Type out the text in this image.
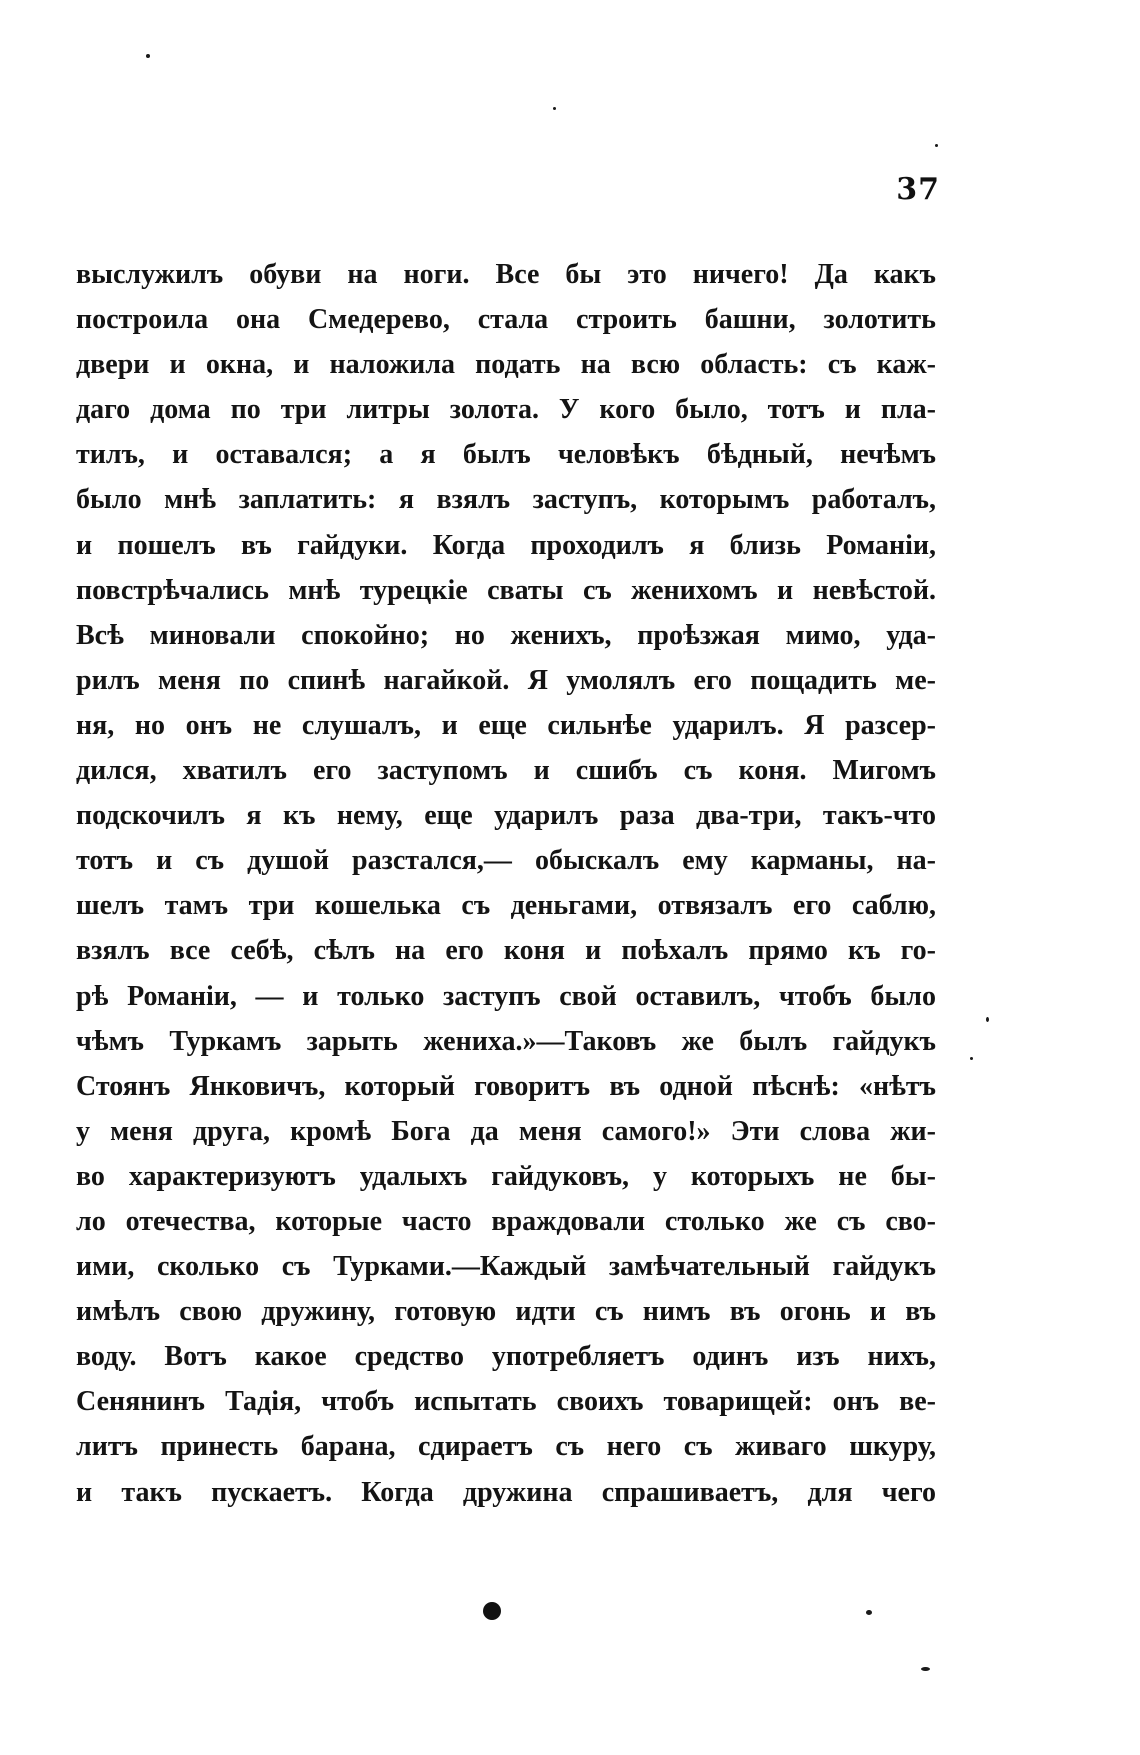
37
выслужилъ обуви на ноги. Все бы это ничего! Да какъ
построила она Смедерево, стала строить башни, золотить
двери и окна, и наложила подать на всю область: съ каж-
даго дома по три литры золота. У кого было, тотъ и пла-
тилъ, и оставался; а я былъ человѣкъ бѣдный, нечѣмъ
было мнѣ заплатить: я взялъ заступъ, которымъ работалъ,
и пошелъ въ гайдуки. Когда проходилъ я близь Романіи,
повстрѣчались мнѣ турецкіе сваты съ женихомъ и невѣстой.
Всѣ миновали спокойно; но женихъ, проѣзжая мимо, уда-
рилъ меня по спинѣ нагайкой. Я умолялъ его пощадить ме-
ня, но онъ не слушалъ, и еще сильнѣе ударилъ. Я разсер-
дился, хватилъ его заступомъ и сшибъ съ коня. Мигомъ
подскочилъ я къ нему, еще ударилъ раза два-три, такъ-что
тотъ и съ душой разстался,— обыскалъ ему карманы, на-
шелъ тамъ три кошелька съ деньгами, отвязалъ его саблю,
взялъ все себѣ, сѣлъ на его коня и поѣхалъ прямо къ го-
рѣ Романіи, — и только заступъ свой оставилъ, чтобъ было
чѣмъ Туркамъ зарыть жениха.»—Таковъ же былъ гайдукъ
Стоянъ Янковичъ, который говоритъ въ одной пѣснѣ: «нѣтъ
у меня друга, кромѣ Бога да меня самого!» Эти слова жи-
во характеризуютъ удалыхъ гайдуковъ, у которыхъ не бы-
ло отечества, которые часто враждовали столько же съ сво-
ими, сколько съ Турками.—Каждый замѣчательный гайдукъ
имѣлъ свою дружину, готовую идти съ нимъ въ огонь и въ
воду. Вотъ какое средство употребляетъ одинъ изъ нихъ,
Сенянинъ Тадія, чтобъ испытать своихъ товарищей: онъ ве-
литъ принесть барана, сдираетъ съ него съ живаго шкуру,
и такъ пускаетъ. Когда дружина спрашиваетъ, для чего
